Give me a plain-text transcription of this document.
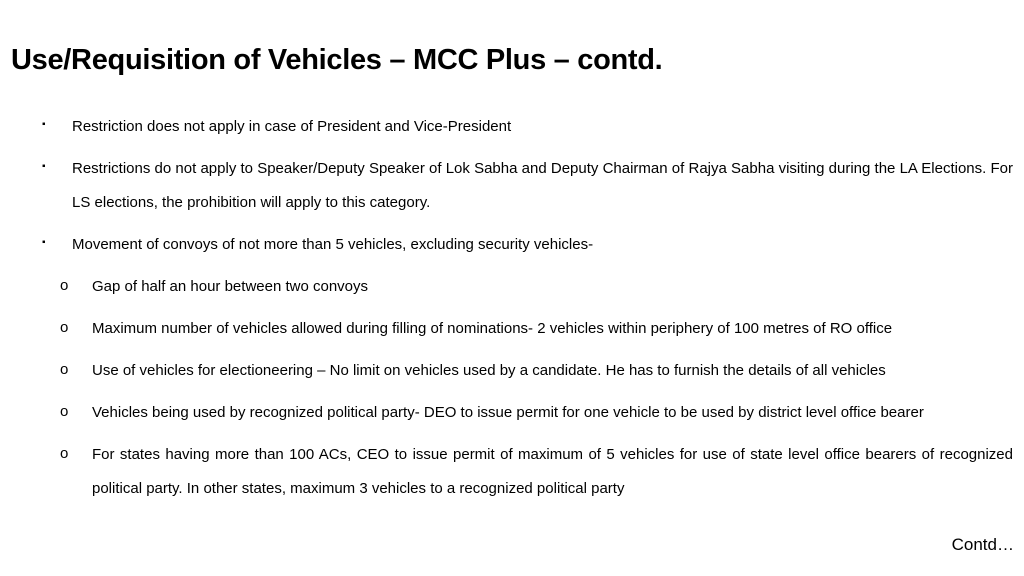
Use/Requisition of Vehicles – MCC Plus – contd.
▪ Restriction does not apply in case of President and Vice-President
▪ Restrictions do not apply to Speaker/Deputy Speaker of Lok Sabha and Deputy Chairman of Rajya Sabha visiting during the LA Elections. For LS elections, the prohibition will apply to this category.
▪ Movement of convoys of not more than 5 vehicles, excluding security vehicles-
o Gap of half an hour between two convoys
o Maximum number of vehicles allowed during filling of nominations- 2 vehicles within periphery of 100 metres of RO office
o Use of vehicles for electioneering – No limit on vehicles used by a candidate. He has to furnish the details of all vehicles
o Vehicles being used by recognized political party- DEO to issue permit for one vehicle to be used by district level office bearer
o For states having more than 100 ACs, CEO to issue permit of maximum of 5 vehicles for use of state level office bearers of recognized political party. In other states, maximum 3 vehicles to a recognized political party
Contd…
